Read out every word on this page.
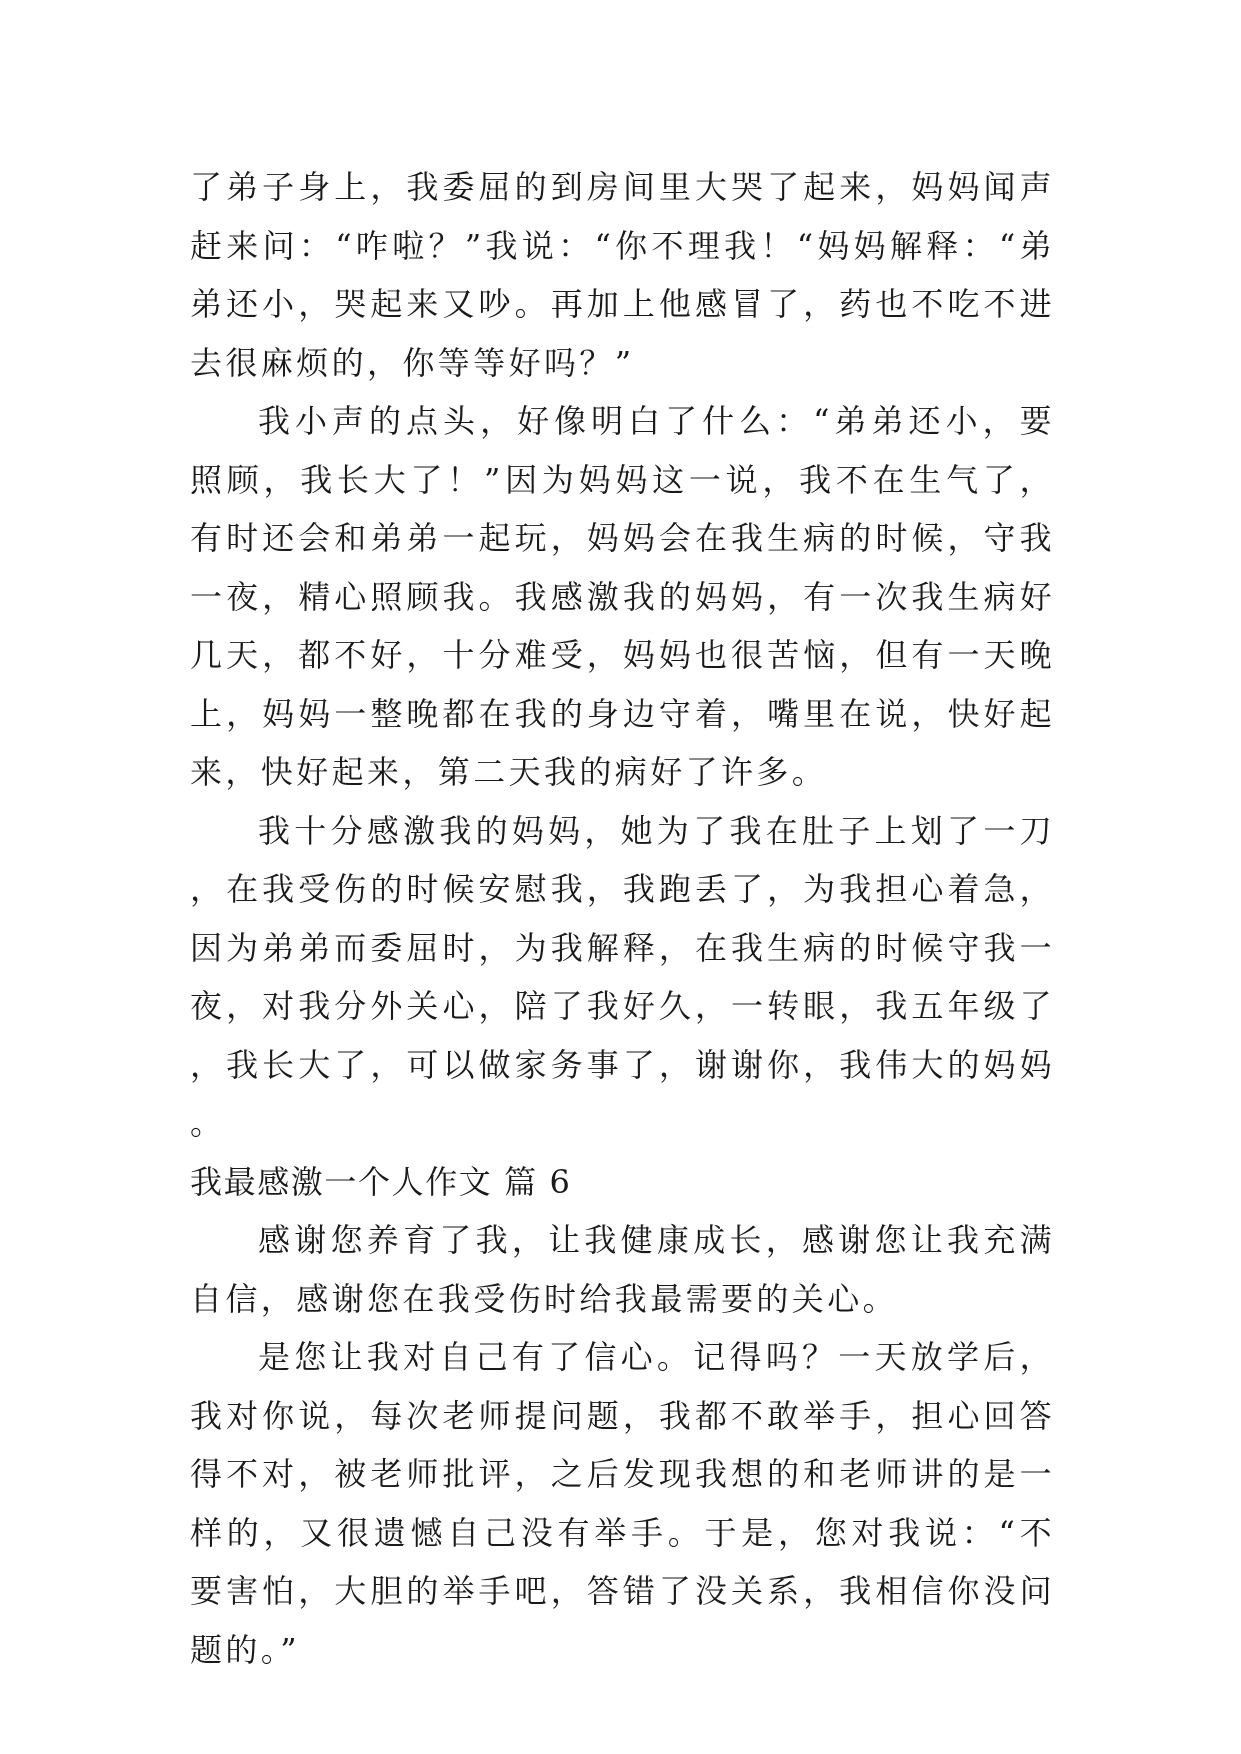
了弟子身上，我委屈的到房间里大哭了起来，妈妈闻声赶来问：“咋啦？”我说：“你不理我！“妈妈解释：“弟弟还小，哭起来又吵。再加上他感冒了，药也不吃不进去很麻烦的，你等等好吗？”

我小声的点头，好像明白了什么：“弟弟还小，要照顾，我长大了！”因为妈妈这一说，我不在生气了，有时还会和弟弟一起玩，妈妈会在我生病的时候，守我一夜，精心照顾我。我感激我的妈妈，有一次我生病好几天，都不好，十分难受，妈妈也很苦恼，但有一天晚上，妈妈一整晚都在我的身边守着，嘴里在说，快好起来，快好起来，第二天我的病好了许多。

我十分感激我的妈妈，她为了我在肚子上划了一刀，在我受伤的时候安慰我，我跑丢了，为我担心着急，因为弟弟而委屈时，为我解释，在我生病的时候守我一夜，对我分外关心，陪了我好久，一转眼，我五年级了，我长大了，可以做家务事了，谢谢你，我伟大的妈妈。

我最感激一个人作文 篇 6

感谢您养育了我，让我健康成长，感谢您让我充满自信，感谢您在我受伤时给我最需要的关心。

是您让我对自己有了信心。记得吗？一天放学后，我对你说，每次老师提问题，我都不敢举手，担心回答得不对，被老师批评，之后发现我想的和老师讲的是一样的，又很遗憾自己没有举手。于是，您对我说：“不要害怕，大胆的举手吧，答错了没关系，我相信你没问题的。”
